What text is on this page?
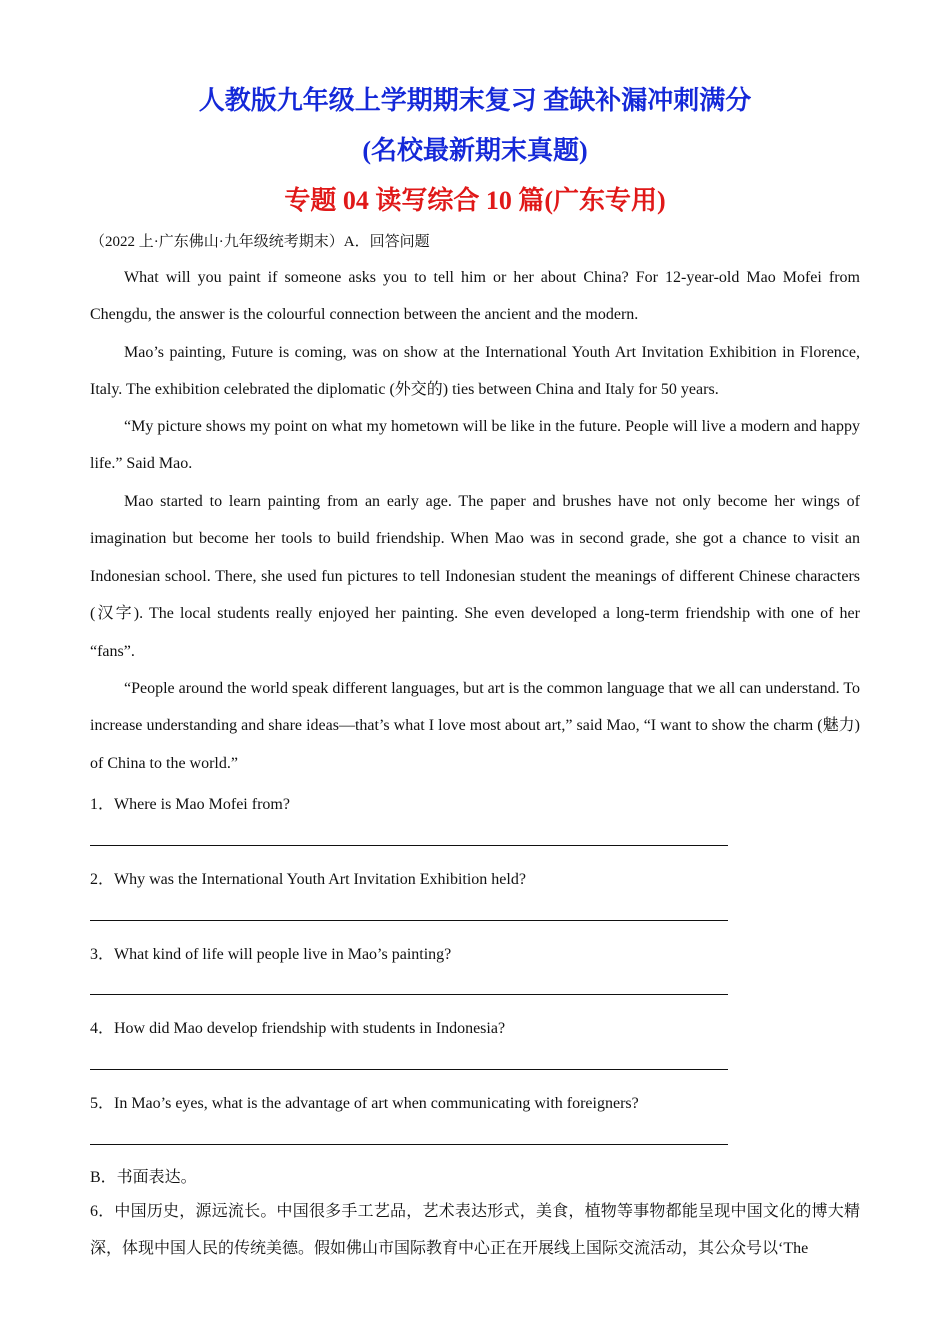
人教版九年级上学期期末复习 查缺补漏冲刺满分
(名校最新期末真题)
专题 04 读写综合 10 篇(广东专用)
（2022 上·广东佛山·九年级统考期末）A．回答问题

What will you paint if someone asks you to tell him or her about China? For 12-year-old Mao Mofei from Chengdu, the answer is the colourful connection between the ancient and the modern.

Mao’s painting, Future is coming, was on show at the International Youth Art Invitation Exhibition in Florence, Italy. The exhibition celebrated the diplomatic (外交的) ties between China and Italy for 50 years.

“My picture shows my point on what my hometown will be like in the future. People will live a modern and happy life.” Said Mao.

Mao started to learn painting from an early age. The paper and brushes have not only become her wings of imagination but become her tools to build friendship. When Mao was in second grade, she got a chance to visit an Indonesian school. There, she used fun pictures to tell Indonesian student the meanings of different Chinese characters (汉字). The local students really enjoyed her painting. She even developed a long-term friendship with one of her “fans”.

“People around the world speak different languages, but art is the common language that we all can understand. To increase understanding and share ideas—that’s what I love most about art,” said Mao, “I want to show the charm (魅力) of China to the world.”

1．Where is Mao Mofei from?
2．Why was the International Youth Art Invitation Exhibition held?
3．What kind of life will people live in Mao’s painting?
4．How did Mao develop friendship with students in Indonesia?
5．In Mao’s eyes, what is the advantage of art when communicating with foreigners?
B．书面表达。

6．中国历史，源远流长。中国很多手工艺品，艺术表达形式，美食，植物等事物都能呈现中国文化的博大精深，体现中国人民的传统美德。假如佛山市国际教育中心正在开展线上国际交流活动，其公众号以‘The
